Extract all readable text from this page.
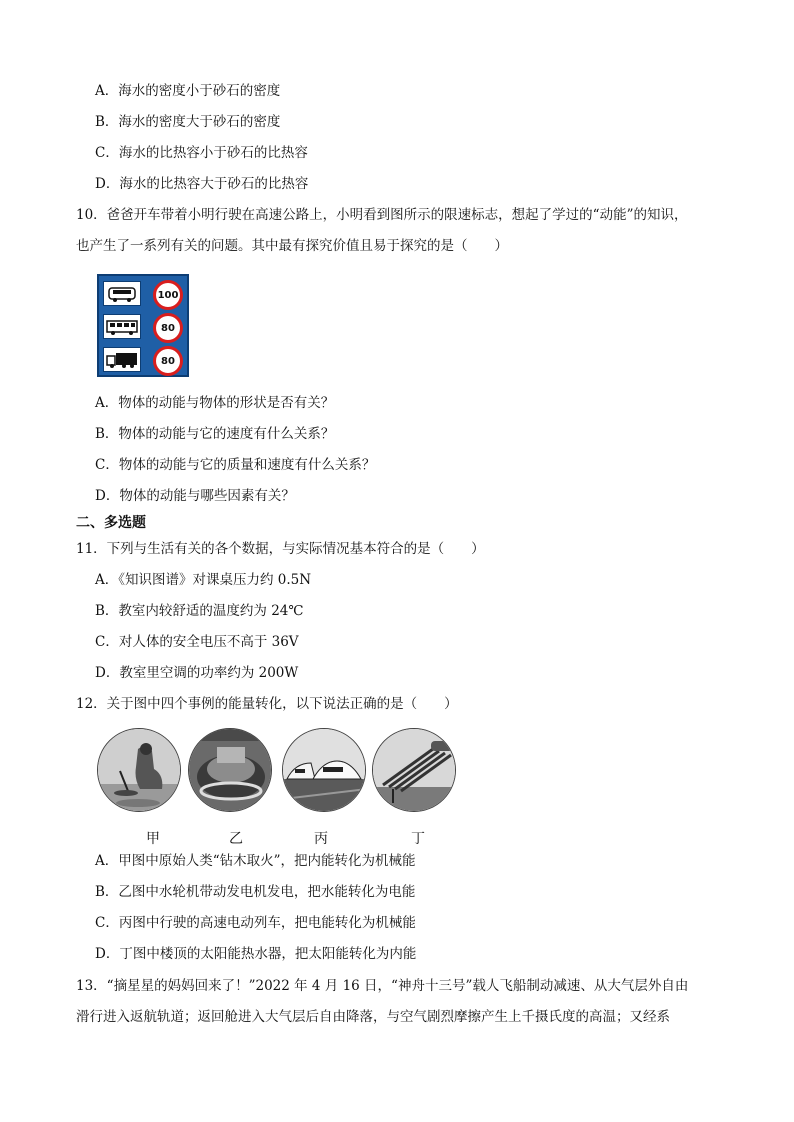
A．海水的密度小于砂石的密度
B．海水的密度大于砂石的密度
C．海水的比热容小于砂石的比热容
D．海水的比热容大于砂石的比热容
10．爸爸开车带着小明行驶在高速公路上，小明看到图所示的限速标志，想起了学过的“动能”的知识，
也产生了一系列有关的问题。其中最有探究价值且易于探究的是（　　）
100
80
80
A．物体的动能与物体的形状是否有关？
B．物体的动能与它的速度有什么关系？
C．物体的动能与它的质量和速度有什么关系？
D．物体的动能与哪些因素有关？
二、多选题
11．下列与生活有关的各个数据，与实际情况基本符合的是（　　）
A．《知识图谱》对课桌压力约 0.5N
B．教室内较舒适的温度约为 24℃
C．对人体的安全电压不高于 36V
D．教室里空调的功率约为 200W
12．关于图中四个事例的能量转化，以下说法正确的是（　　）
甲	乙	丙	丁
A．甲图中原始人类“钻木取火”，把内能转化为机械能
B．乙图中水轮机带动发电机发电，把水能转化为电能
C．丙图中行驶的高速电动列车，把电能转化为机械能
D．丁图中楼顶的太阳能热水器，把太阳能转化为内能
13．“摘星星的妈妈回来了！”2022 年 4 月 16 日，“神舟十三号”载人飞船制动减速、从大气层外自由
滑行进入返航轨道；返回舱进入大气层后自由降落，与空气剧烈摩擦产生上千摄氏度的高温；又经系
